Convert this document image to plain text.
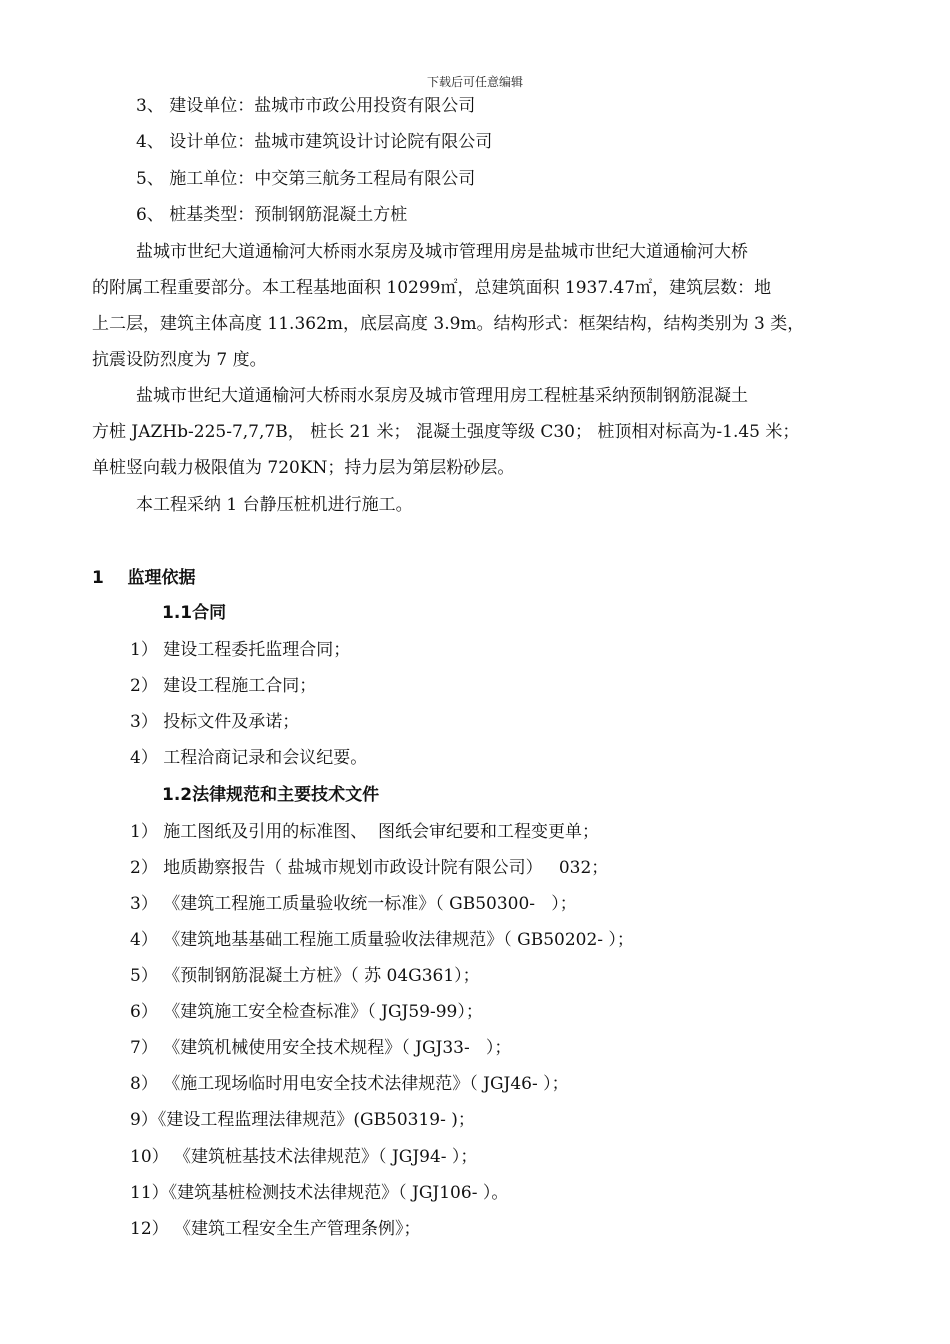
下载后可任意编辑
3、 建设单位：盐城市市政公用投资有限公司
4、 设计单位：盐城市建筑设计讨论院有限公司
5、 施工单位：中交第三航务工程局有限公司
6、 桩基类型：预制钢筋混凝土方桩

盐城市世纪大道通榆河大桥雨水泵房及城市管理用房是盐城市世纪大道通榆河大桥

的附属工程重要部分。本工程基地面积 10299㎡，总建筑面积 1937.47㎡，建筑层数：地

上二层，建筑主体高度 11.362m，底层高度 3.9m。结构形式：框架结构，结构类别为 3 类，

抗震设防烈度为 7 度。

盐城市世纪大道通榆河大桥雨水泵房及城市管理用房工程桩基采纳预制钢筋混凝土

方桩 JAZHb-225-7,7,7B， 桩长 21 米； 混凝土强度等级 C30； 桩顶相对标高为-1.45 米；

单桩竖向载力极限值为 720KN；持力层为第层粉砂层。

本工程采纳 1 台静压桩机进行施工。
1    监理依据
1.1合同
1） 建设工程委托监理合同；
2） 建设工程施工合同；
3） 投标文件及承诺；
4） 工程洽商记录和会议纪要。
1.2法律规范和主要技术文件
1） 施工图纸及引用的标准图、  图纸会审纪要和工程变更单；
2） 地质勘察报告（ 盐城市规划市政设计院有限公司）   032；
3） 《建筑工程施工质量验收统一标准》（ GB50300-   ）；
4） 《建筑地基基础工程施工质量验收法律规范》（ GB50202- ）；
5） 《预制钢筋混凝土方桩》（ 苏 04G361）；
6） 《建筑施工安全检查标准》（ JGJ59-99）；
7） 《建筑机械使用安全技术规程》（ JGJ33-   ）；
8） 《施工现场临时用电安全技术法律规范》（ JGJ46- ）；
9）《建设工程监理法律规范》(GB50319- )；
10） 《建筑桩基技术法律规范》（ JGJ94- ）；
11）《建筑基桩检测技术法律规范》（ JGJ106- ）。
12） 《建筑工程安全生产管理条例》；
